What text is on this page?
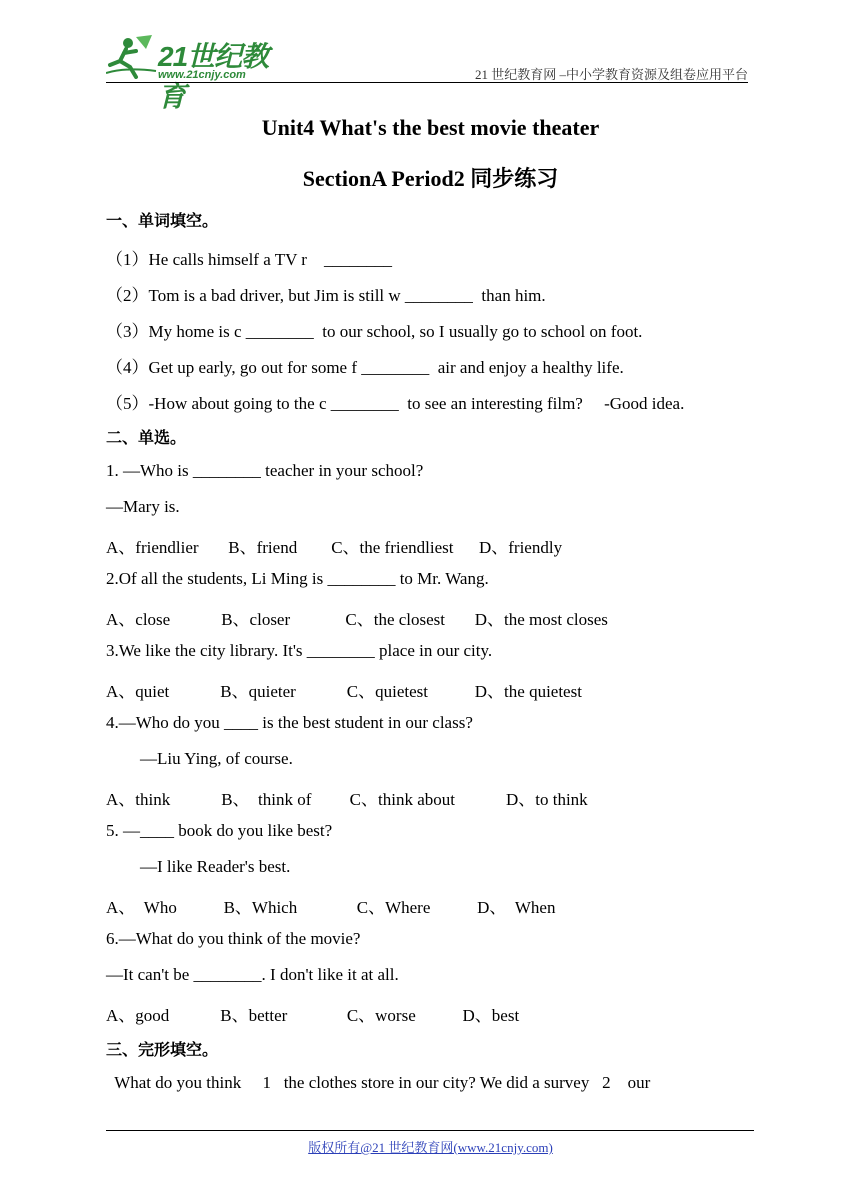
21世纪教育
www.21cnjy.com	21 世纪教育网 –中小学教育资源及组卷应用平台
Unit4 What's the best movie theater
SectionA Period2 同步练习
一、单词填空。
（1）He calls himself a TV r    ________
（2）Tom is a bad driver, but Jim is still w ________  than him.
（3）My home is c ________  to our school, so I usually go to school on foot.
（4）Get up early, go out for some f ________  air and enjoy a healthy life.
（5）-How about going to the c ________  to see an interesting film?     -Good idea.
二、单选。
1. —Who is ________ teacher in your school?
—Mary is.
A、friendlier       B、friend        C、the friendliest      D、friendly
2.Of all the students, Li Ming is ________ to Mr. Wang.
A、close            B、closer             C、the closest       D、the most closes
3.We like the city library. It's ________ place in our city.
A、quiet            B、quieter            C、quietest           D、the quietest
4.—Who do you ____ is the best student in our class?
—Liu Ying, of course.
A、think            B、  think of         C、think about            D、to think
5. —____ book do you like best?
—I like Reader's best.
A、  Who           B、Which              C、Where           D、  When
6.—What do you think of the movie?
—It can't be ________. I don't like it at all.
A、good            B、better              C、worse           D、best
三、完形填空。
What do you think     1   the clothes store in our city? We did a survey   2    our
版权所有@21 世纪教育网(www.21cnjy.com)
